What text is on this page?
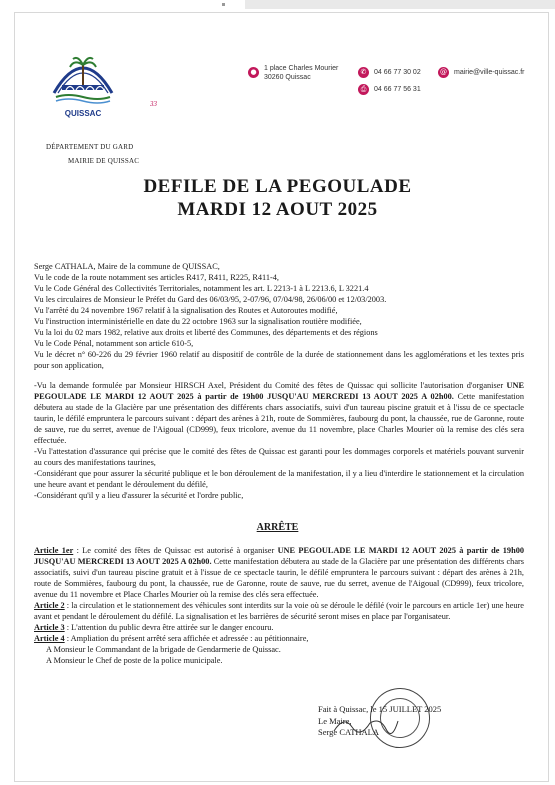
QUISSAC
33
●	1 place Charles Mourier
30260 Quissac
✆	04 66 77 30 02
⎙	04 66 77 56 31
@ mairie@ville-quissac.fr
DÉPARTEMENT DU GARD
MAIRIE DE QUISSAC
DEFILE DE LA PEGOULADE
MARDI 12 AOUT 2025

Serge CATHALA, Maire de la commune de QUISSAC,

Vu le code de la route notamment ses articles R417, R411, R225, R411-4,

Vu le Code Général des Collectivités Territoriales, notamment les art. L 2213-1 à L 2213.6, L 3221.4

Vu les circulaires de Monsieur le Préfet du Gard des 06/03/95, 2-07/96, 07/04/98, 26/06/00 et 12/03/2003.

Vu l'arrêté du 24 novembre 1967 relatif à la signalisation des Routes et Autoroutes modifié,

Vu l'instruction interministérielle en date du 22 octobre 1963 sur la signalisation routière modifiée,

Vu la loi du 02 mars 1982, relative aux droits et liberté des Communes, des départements et des régions

Vu le Code Pénal, notamment son article 610-5,

Vu le décret n° 60-226 du 29 février 1960 relatif au dispositif de contrôle de la durée de stationnement dans les agglomérations et les textes pris pour son application,

-Vu la demande formulée par Monsieur HIRSCH Axel, Président du Comité des fêtes de Quissac qui sollicite l'autorisation d'organiser UNE PEGOULADE LE MARDI 12 AOUT 2025 à partir de 19h00 JUSQU'AU MERCREDI 13 AOUT 2025 A 02h00. Cette manifestation débutera au stade de la Glacière par une présentation des différents chars associatifs, suivi d'un taureau piscine gratuit et à l'issu de ce spectacle taurin, le défilé empruntera le parcours suivant : départ des arènes à 21h, route de Sommières, faubourg du pont, la chaussée, rue de Garonne, route de sauve, rue du serret, avenue de l'Aigoual (CD999), feux tricolore, avenue du 11 novembre, place Charles Mourier où la remise des clés sera effectuée.

-Vu l'attestation d'assurance qui précise que le comité des fêtes de Quissac est garanti pour les dommages corporels et matériels pouvant survenir au cours des manifestations taurines,

-Considérant que pour assurer la sécurité publique et le bon déroulement de la manifestation, il y a lieu d'interdire le stationnement et la circulation une heure avant et pendant le déroulement du défilé,

-Considérant qu'il y a lieu d'assurer la sécurité et l'ordre public,

ARRÊTE

Article 1er : Le comité des fêtes de Quissac est autorisé à organiser UNE PEGOULADE LE MARDI 12 AOUT 2025 à partir de 19h00 JUSQU'AU MERCREDI 13 AOUT 2025 A 02h00. Cette manifestation débutera au stade de la Glacière par une présentation des différents chars associatifs, suivi d'un taureau piscine gratuit et à l'issue de ce spectacle taurin, le défilé empruntera le parcours suivant : départ des arènes à 21h, route de Sommières, faubourg du pont, la chaussée, rue de Garonne, route de sauve, rue du serret, avenue de l'Aigoual (CD999), feux tricolore, avenue du 11 novembre et Place Charles Mourier où la remise des clés sera effectuée.

Article 2 : la circulation et le stationnement des véhicules sont interdits sur la voie où se déroule le défilé (voir le parcours en article 1er) une heure avant et pendant le déroulement du défilé. La signalisation et les barrières de sécurité seront mises en place par l'organisateur.

Article 3 : L'attention du public devra être attirée sur le danger encouru.

Article 4 : Ampliation du présent arrêté sera affichée et adressée : au pétitionnaire,

A Monsieur le Commandant de la brigade de Gendarmerie de Quissac.

A Monsieur le Chef de poste de la police municipale.

Fait à Quissac, le 15 JUILLET 2025
Le Maire,
Serge CATHALA
